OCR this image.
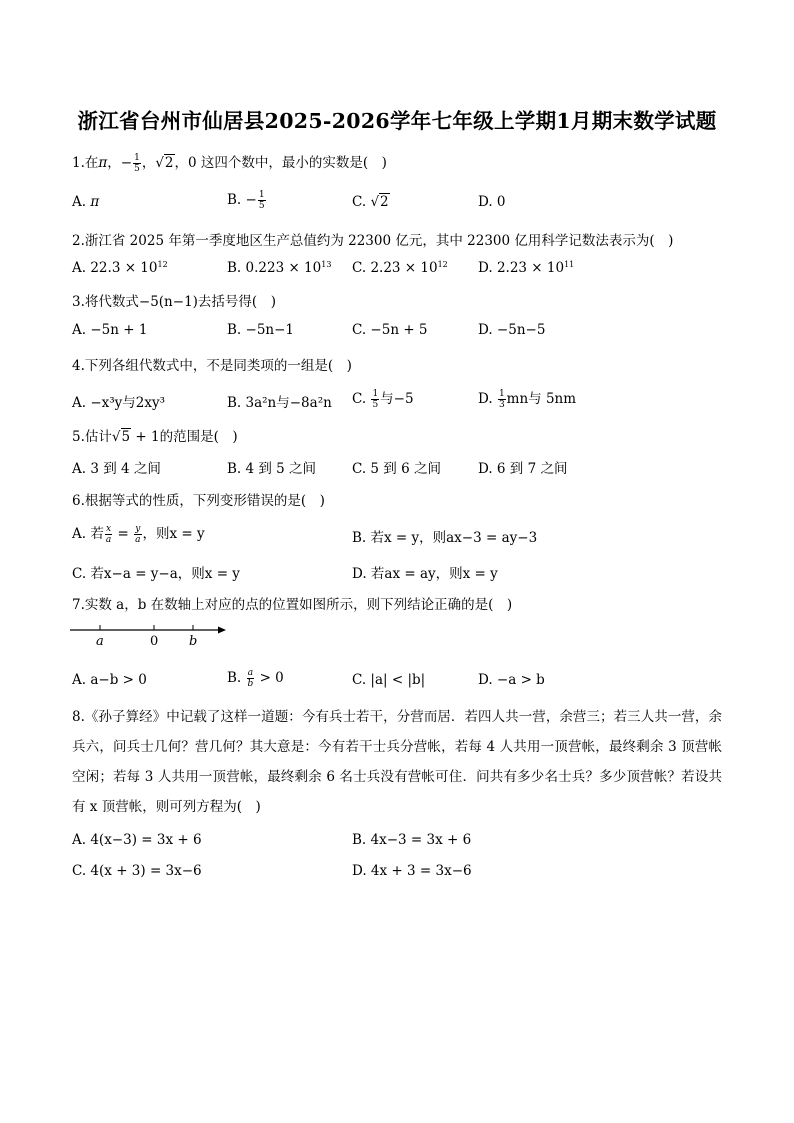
浙江省台州市仙居县2025-2026学年七年级上学期1月期末数学试题
1.在π，− $\frac{1}{5}$ ，√2，0 这四个数中，最小的实数是(　)
A. π	B. − $\frac{1}{5}$	C. √2	D. 0
2.浙江省 2025 年第一季度地区生产总值约为 22300 亿元，其中 22300 亿用科学记数法表示为(　)
A. $22.3 \times 10^{12}$	B. $0.223 \times 10^{13}$ C. $2.23 \times 10^{12}$ D. $2.23 \times 10^{11}$
3.将代数式−5(n−1)去括号得(　)
A. −5n + 1	B. −5n−1	C. −5n + 5	D. −5n−5
4.下列各组代数式中，不是同类项的一组是(　)
A. −x³y与2xy³	B. 3a²n与−8a²n C. $\frac{1}{5}$ 与−5	D. $\frac{1}{3}$ mn与 5nm
5.估计√5 + 1的范围是(　)
A. 3 到 4 之间	B. 4 到 5 之间	C. 5 到 6 之间	D. 6 到 7 之间
6.根据等式的性质，下列变形错误的是(　)
A. 若 $\frac{x}{a} = \frac{y}{a}$ ，则x = y	B. 若x = y，则ax−3 = ay−3
C. 若x−a = y−a，则x = y	D. 若ax = ay，则x = y
7.实数 a，b 在数轴上对应的点的位置如图所示，则下列结论正确的是(　)
a	0 b
A. a−b > 0	B. $\frac{a}{b} > 0$	C. |a| < |b|	D. −a > b
8.《孙子算经》中记载了这样一道题：今有兵士若干，分营而居．若四人共一营，余营三；若三人共一营，余兵六，问兵士几何？营几何？其大意是：今有若干士兵分营帐，若每 4 人共用一顶营帐，最终剩余 3 顶营帐空闲；若每 3 人共用一顶营帐，最终剩余 6 名士兵没有营帐可住．问共有多少名士兵？多少顶营帐？若设共有 x 顶营帐，则可列方程为(　)
A. 4(x−3) = 3x + 6	B. 4x−3 = 3x + 6
C. 4(x + 3) = 3x−6	D. 4x + 3 = 3x−6
